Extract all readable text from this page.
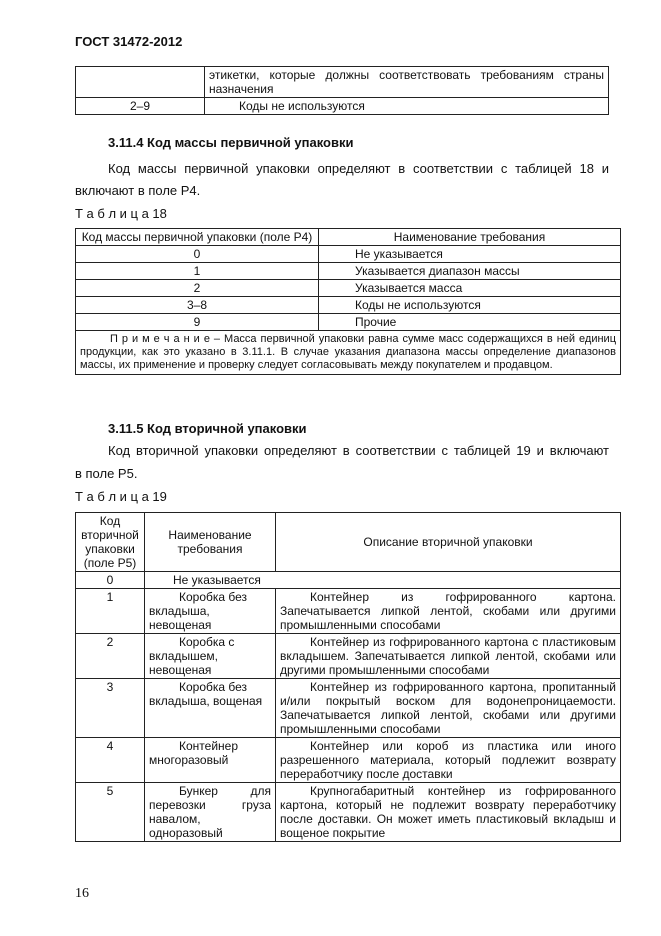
ГОСТ 31472-2012
	этикетки, которые должны соответствовать требованиям страны назначения
2–9	Коды не используются
3.11.4 Код массы первичной упаковки
Код массы первичной упаковки определяют в соответствии с таблицей 18 и
включают в поле Р4.
Т а б л и ц а 18
Код массы первичной упаковки (поле Р4)	Наименование требования
0	Не указывается
1	Указывается диапазон массы
2	Указывается масса
3–8	Коды не используются
9	Прочие
П р и м е ч а н и е – Масса первичной упаковки равна сумме масс содержащихся в ней единиц продукции, как это указано в 3.11.1. В случае указания диапазона массы определение диапазонов массы, их применение и проверку следует согласовывать между покупателем и продавцом.	
3.11.5 Код вторичной упаковки
Код вторичной упаковки определяют в соответствии с таблицей 19 и включают
в поле Р5.
Т а б л и ц а 19
Код вторичной упаковки (поле Р5)	Наименование требования	Описание вторичной упаковки
0	Не указывается	
1	Коробка без вкладыша, невощеная	Контейнер из гофрированного картона. Запечатывается липкой лентой, скобами или другими промышленными способами
2	Коробка с вкладышем, невощеная	Контейнер из гофрированного картона с пластиковым вкладышем. Запечатывается липкой лентой, скобами или другими промышленными способами
3	Коробка без вкладыша, вощеная	Контейнер из гофрированного картона, пропитанный и/или покрытый воском для водонепроницаемости. Запечатывается липкой лентой, скобами или другими промышленными способами
4	Контейнер многоразовый	Контейнер или короб из пластика или иного разрешенного материала, который подлежит возврату переработчику после доставки
5	Бункер для перевозки груза навалом, одноразовый	Крупногабаритный контейнер из гофрированного картона, который не подлежит возврату переработчику после доставки. Он может иметь пластиковый вкладыш и вощеное покрытие
16
